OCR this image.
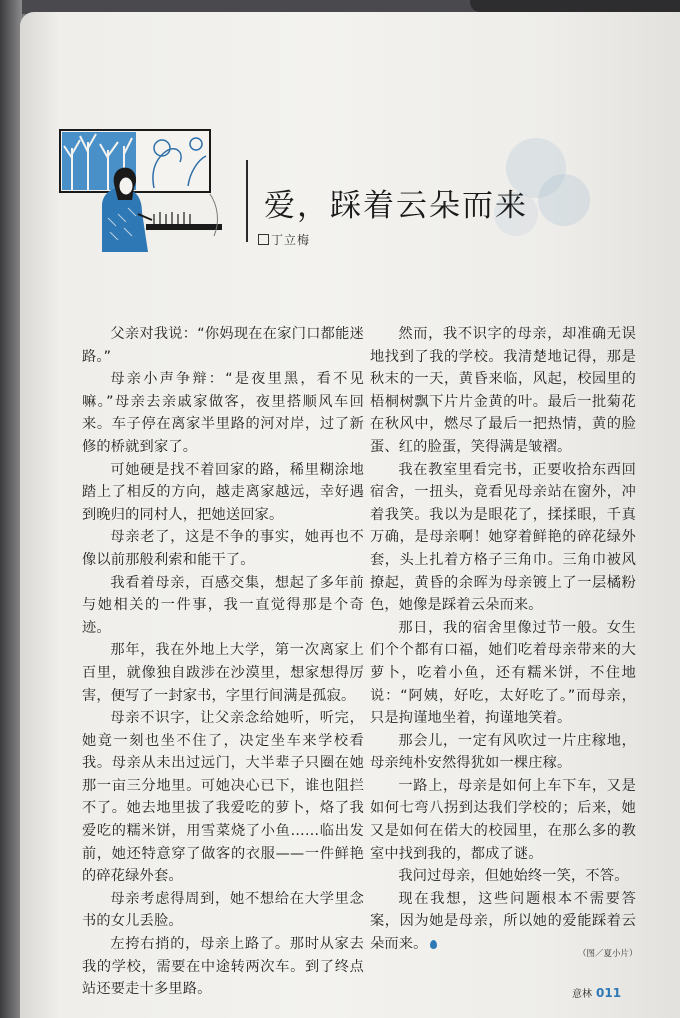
爱，踩着云朵而来
丁立梅

父亲对我说：“你妈现在在家门口都能迷路。”

母亲小声争辩：“是夜里黑，看不见嘛。”母亲去亲戚家做客，夜里搭顺风车回来。车子停在离家半里路的河对岸，过了新修的桥就到家了。

可她硬是找不着回家的路，稀里糊涂地踏上了相反的方向，越走离家越远，幸好遇到晚归的同村人，把她送回家。

母亲老了，这是不争的事实，她再也不像以前那般利索和能干了。

我看着母亲，百感交集，想起了多年前与她相关的一件事，我一直觉得那是个奇迹。

那年，我在外地上大学，第一次离家上百里，就像独自跋涉在沙漠里，想家想得厉害，便写了一封家书，字里行间满是孤寂。

母亲不识字，让父亲念给她听，听完，她竟一刻也坐不住了，决定坐车来学校看我。母亲从未出过远门，大半辈子只圈在她那一亩三分地里。可她决心已下，谁也阻拦不了。她去地里拔了我爱吃的萝卜，烙了我爱吃的糯米饼，用雪菜烧了小鱼……临出发前，她还特意穿了做客的衣服——一件鲜艳的碎花绿外套。

母亲考虑得周到，她不想给在大学里念书的女儿丢脸。

左挎右捎的，母亲上路了。那时从家去我的学校，需要在中途转两次车。到了终点站还要走十多里路。

然而，我不识字的母亲，却准确无误地找到了我的学校。我清楚地记得，那是秋末的一天，黄昏来临，风起，校园里的梧桐树飘下片片金黄的叶。最后一批菊花在秋风中，燃尽了最后一把热情，黄的脸蛋、红的脸蛋，笑得满是皱褶。

我在教室里看完书，正要收拾东西回宿舍，一扭头，竟看见母亲站在窗外，冲着我笑。我以为是眼花了，揉揉眼，千真万确，是母亲啊！她穿着鲜艳的碎花绿外套，头上扎着方格子三角巾。三角巾被风撩起，黄昏的余晖为母亲镀上了一层橘粉色，她像是踩着云朵而来。

那日，我的宿舍里像过节一般。女生们个个都有口福，她们吃着母亲带来的大萝卜，吃着小鱼，还有糯米饼，不住地说：“阿姨，好吃，太好吃了。”而母亲，只是拘谨地坐着，拘谨地笑着。

那会儿，一定有风吹过一片庄稼地，母亲纯朴安然得犹如一棵庄稼。

一路上，母亲是如何上车下车，又是如何七弯八拐到达我们学校的；后来，她又是如何在偌大的校园里，在那么多的教室中找到我的，都成了谜。

我问过母亲，但她始终一笑，不答。

现在我想，这些问题根本不需要答案，因为她是母亲，所以她的爱能踩着云朵而来。

（图／夏小片）
意林 011
